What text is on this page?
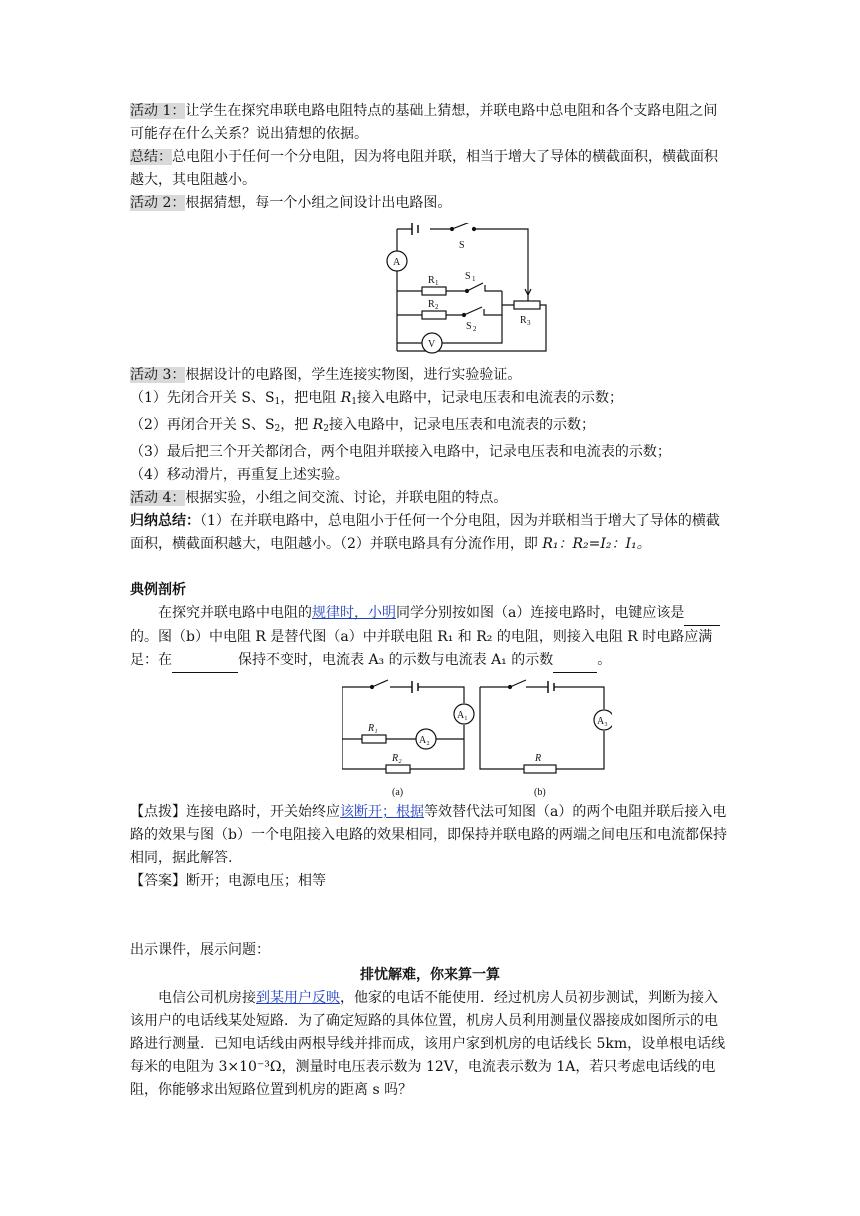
活动 1：让学生在探究串联电路电阻特点的基础上猜想，并联电路中总电阻和各个支路电阻之间可能存在什么关系？说出猜想的依据。

总结：总电阻小于任何一个分电阻，因为将电阻并联，相当于增大了导体的横截面积，横截面积越大，其电阻越小。

活动 2：根据猜想，每一个小组之间设计出电路图。

S
A
R 1
S 1
R 2
S 2
R 3
V

活动 3：根据设计的电路图，学生连接实物图，进行实验验证。

（1）先闭合开关 S、$S_1$，把电阻 $R_1$接入电路中，记录电压表和电流表的示数；

（2）再闭合开关 S、$S_2$，把 $R_2$接入电路中，记录电压表和电流表的示数；

（3）最后把三个开关都闭合，两个电阻并联接入电路中，记录电压表和电流表的示数；

（4）移动滑片，再重复上述实验。

活动 4：根据实验，小组之间交流、讨论，并联电阻的特点。

归纳总结：（1）在并联电路中，总电阻小于任何一个分电阻，因为并联相当于增大了导体的横截面积，横截面积越大，电阻越小。（2）并联电路具有分流作用，即 R₁：R₂=I₂：I₁。

典例剖析

在探究并联电路中电阻的规律时，小明同学分别按如图（a）连接电路时，电键应该是 的。图（b）中电阻 R 是替代图（a）中并联电阻 R₁ 和 R₂ 的电阻，则接入电阻 R 时电路应满足：在	保持不变时，电流表 A₃ 的示数与电流表 A₁ 的示数	。

A₁
R₁
A₂
R₂
(a)
A₃
R
(b)

【点拨】连接电路时，开关始终应该断开；根据等效替代法可知图（a）的两个电阻并联后接入电路的效果与图（b）一个电阻接入电路的效果相同，即保持并联电路的两端之间电压和电流都保持相同，据此解答.

【答案】断开；电源电压；相等

出示课件，展示问题：

排忧解难，你来算一算

电信公司机房接到某用户反映，他家的电话不能使用．经过机房人员初步测试，判断为接入该用户的电话线某处短路．为了确定短路的具体位置，机房人员利用测量仪器接成如图所示的电路进行测量．已知电话线由两根导线并排而成，该用户家到机房的电话线长 5km，设单根电话线每米的电阻为 3×10⁻³Ω，测量时电压表示数为 12V，电流表示数为 1A，若只考虑电话线的电阻，你能够求出短路位置到机房的距离 s 吗？
